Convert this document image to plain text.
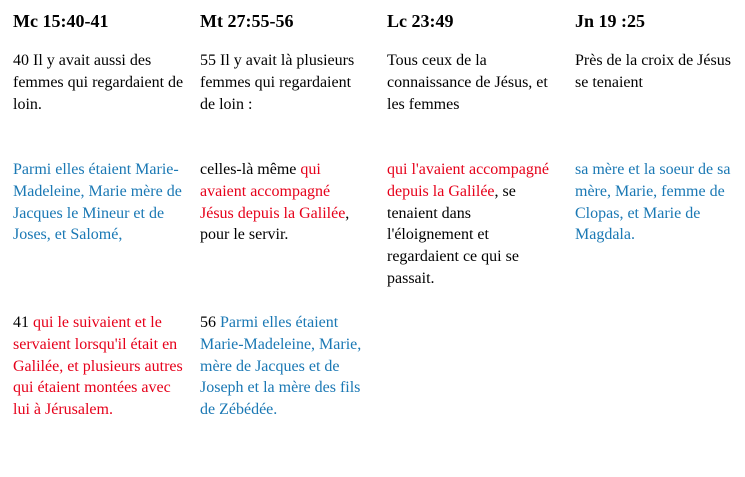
Mc 15:40-41

40 Il y avait aussi des femmes qui regardaient de loin.

Parmi elles étaient Marie-Madeleine, Marie mère de Jacques le Mineur et de Joses, et Salomé,

41 qui le suivaient et le servaient lorsqu'il était en Galilée, et plusieurs autres qui étaient montées avec lui à Jérusalem.

Mt 27:55-56

55 Il y avait là plusieurs femmes qui regardaient de loin :

celles-là même qui avaient accompagné Jésus depuis la Galilée, pour le servir.

56 Parmi elles étaient Marie-Madeleine, Marie, mère de Jacques et de Joseph et la mère des fils de Zébédée.

Lc 23:49

Tous ceux de la connaissance de Jésus, et les femmes

qui l'avaient accompagné depuis la Galilée, se tenaient dans l'éloignement et regardaient ce qui se passait.

Jn 19 :25

Près de la croix de Jésus se tenaient

sa mère et la soeur de sa mère, Marie, femme de Clopas, et Marie de Magdala.
